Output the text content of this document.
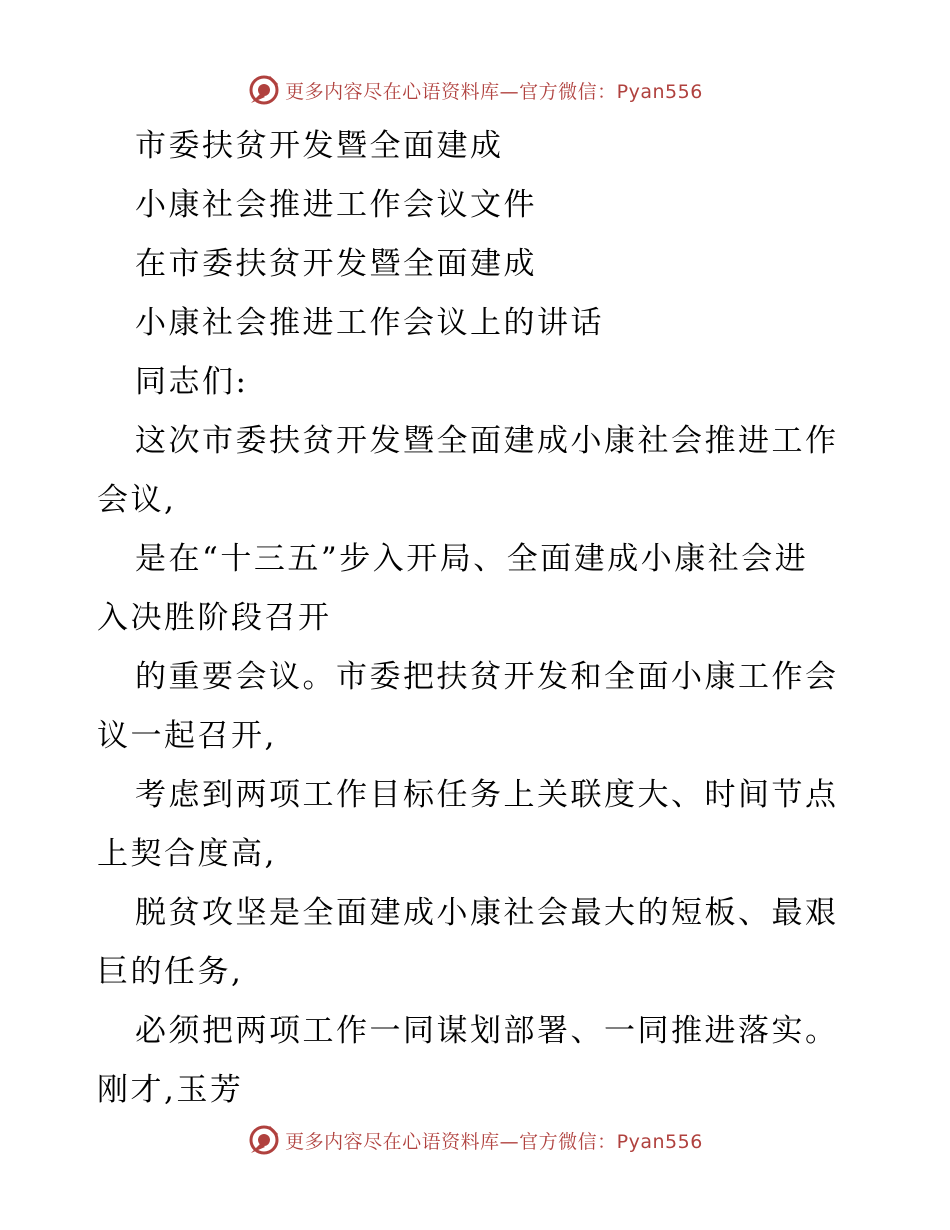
更多内容尽在心语资料库—官方微信：Pyan556
市委扶贫开发暨全面建成
小康社会推进工作会议文件
在市委扶贫开发暨全面建成
小康社会推进工作会议上的讲话
同志们:
这次市委扶贫开发暨全面建成小康社会推进工作
会议,
是在“十三五”步入开局、全面建成小康社会进
入决胜阶段召开
的重要会议。市委把扶贫开发和全面小康工作会
议一起召开,
考虑到两项工作目标任务上关联度大、时间节点
上契合度高,
脱贫攻坚是全面建成小康社会最大的短板、最艰
巨的任务,
必须把两项工作一同谋划部署、一同推进落实。
刚才,玉芳
更多内容尽在心语资料库—官方微信：Pyan556
